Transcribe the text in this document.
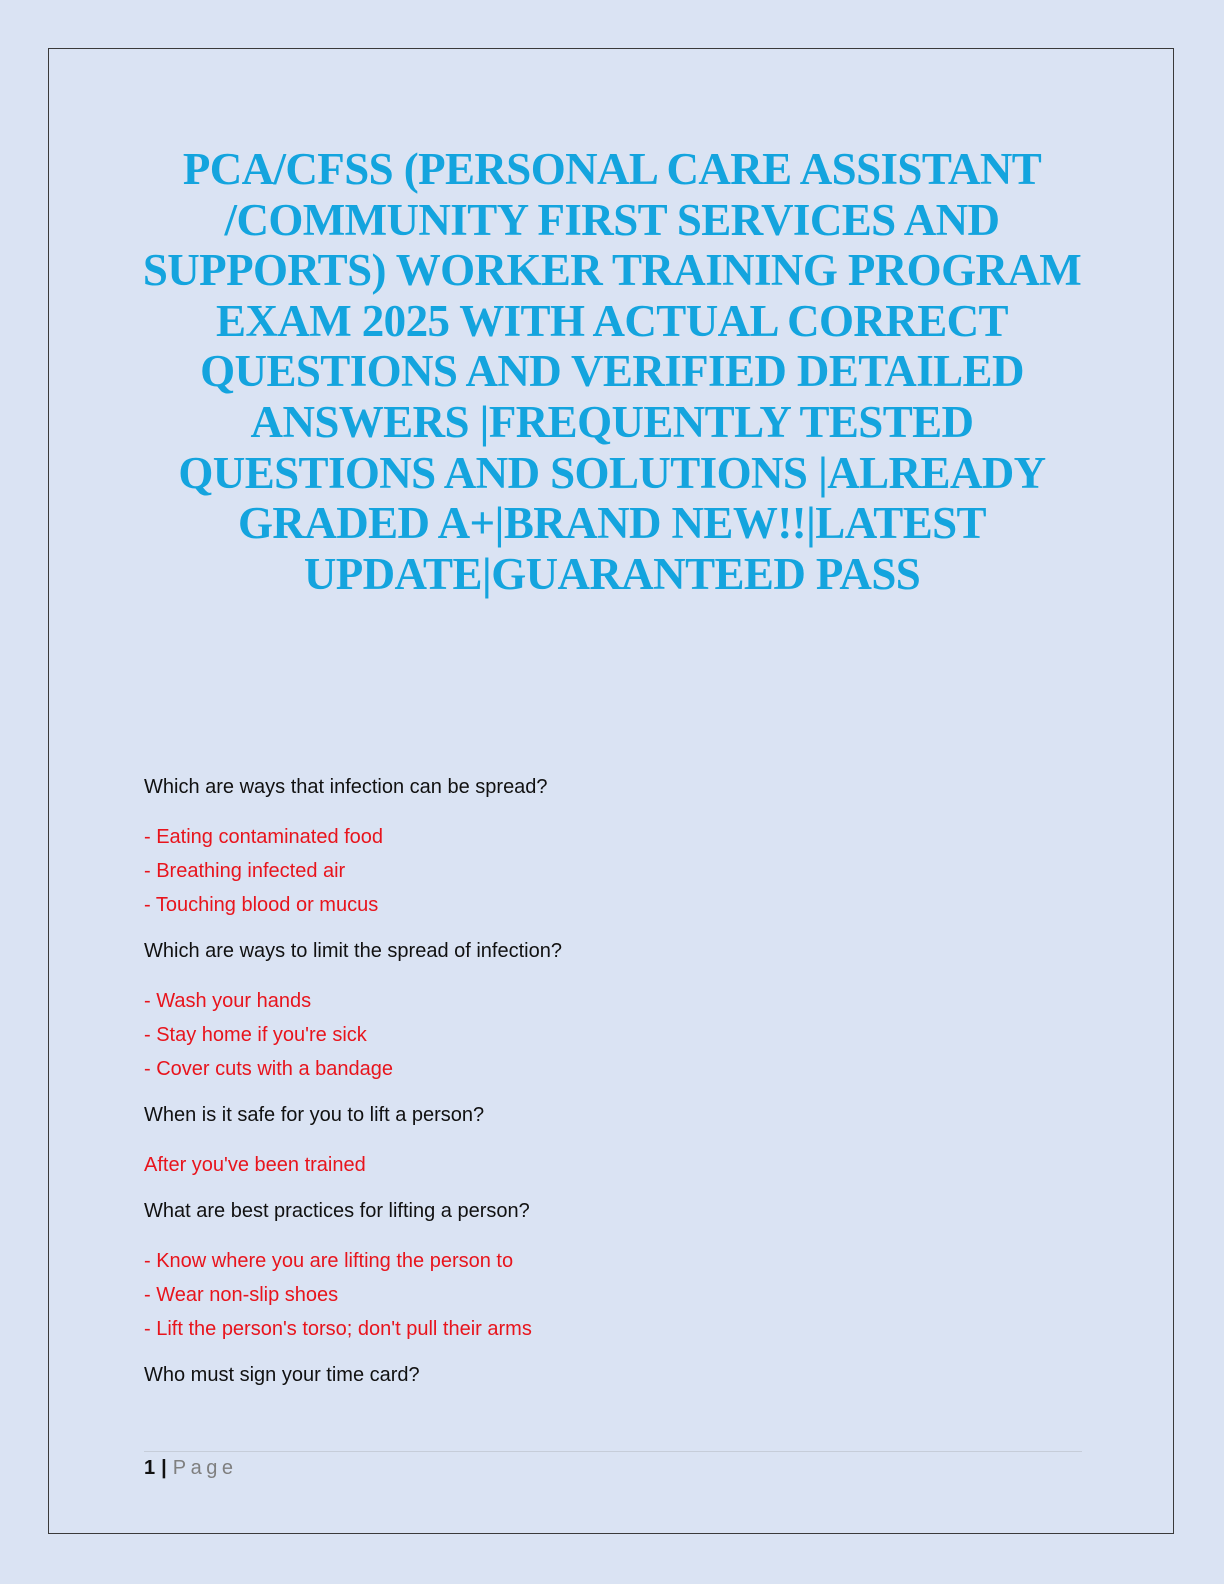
PCA/CFSS (PERSONAL CARE ASSISTANT /COMMUNITY FIRST SERVICES AND SUPPORTS) WORKER TRAINING PROGRAM EXAM 2025 WITH ACTUAL CORRECT QUESTIONS AND VERIFIED DETAILED ANSWERS |FREQUENTLY TESTED QUESTIONS AND SOLUTIONS |ALREADY GRADED A+|BRAND NEW!!|LATEST UPDATE|GUARANTEED PASS
Which are ways that infection can be spread?
- Eating contaminated food
- Breathing infected air
- Touching blood or mucus
Which are ways to limit the spread of infection?
- Wash your hands
- Stay home if you're sick
- Cover cuts with a bandage
When is it safe for you to lift a person?
After you've been trained
What are best practices for lifting a person?
- Know where you are lifting the person to
- Wear non-slip shoes
- Lift the person's torso; don't pull their arms
Who must sign your time card?
1 | Page
